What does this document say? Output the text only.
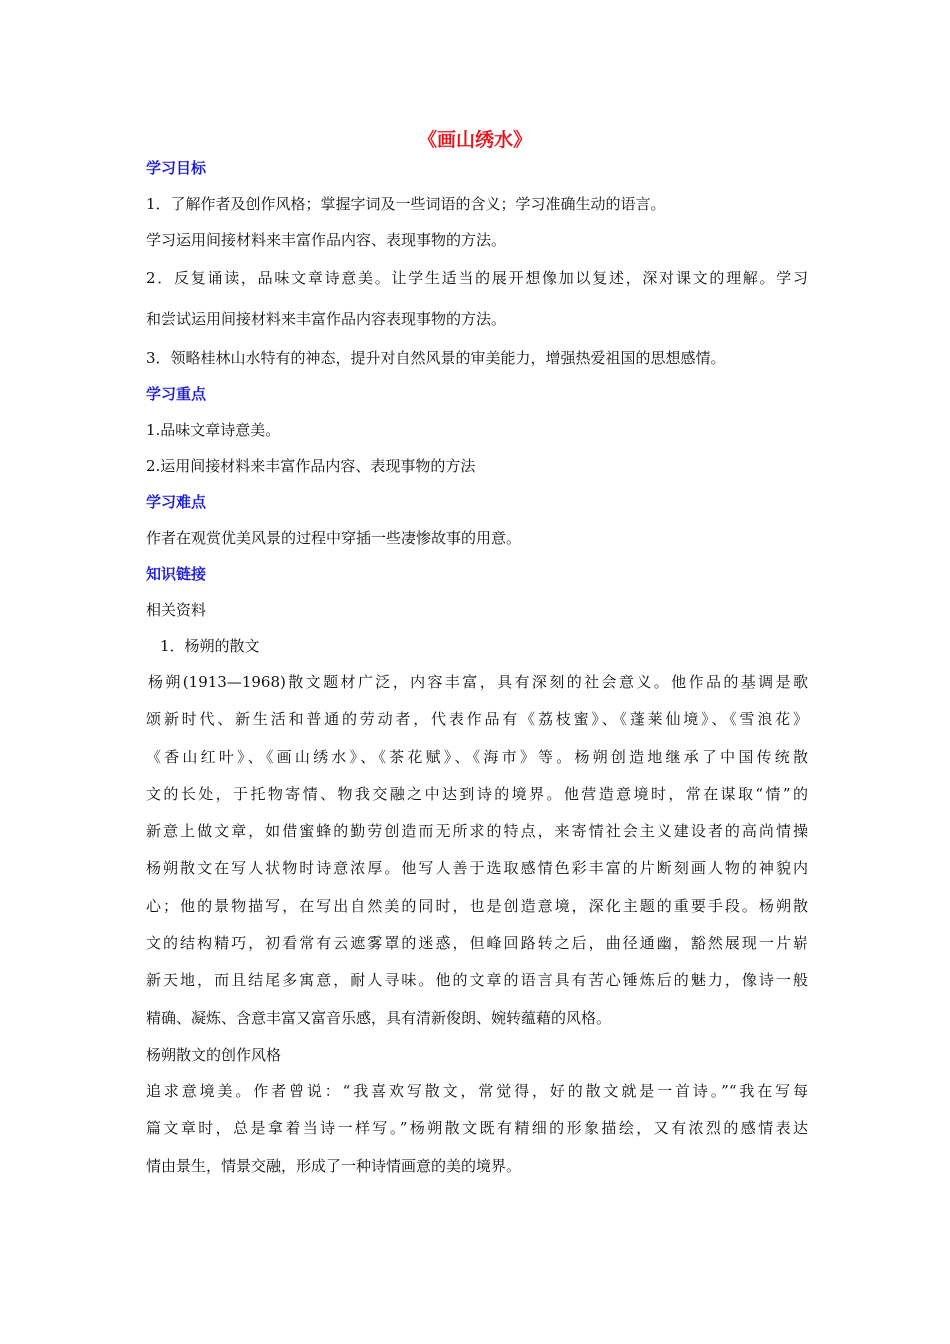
《画山绣水》
学习目标
1．了解作者及创作风格；掌握字词及一些词语的含义；学习准确生动的语言。
学习运用间接材料来丰富作品内容、表现事物的方法。
2．反复诵读，品味文章诗意美。让学生适当的展开想像加以复述，深对课文的理解。学习
和尝试运用间接材料来丰富作品内容表现事物的方法。
3．领略桂林山水特有的神态，提升对自然风景的审美能力，增强热爱祖国的思想感情。
学习重点
1.品味文章诗意美。
2.运用间接材料来丰富作品内容、表现事物的方法
学习难点
作者在观赏优美风景的过程中穿插一些凄惨故事的用意。
知识链接
相关资料
1．杨朔的散文
杨朔(1913—1968)散文题材广泛，内容丰富，具有深刻的社会意义。他作品的基调是歌
颂新时代、新生活和普通的劳动者，代表作品有《荔枝蜜》、《蓬莱仙境》、《雪浪花》
《香山红叶》、《画山绣水》、《茶花赋》、《海市》等。杨朔创造地继承了中国传统散
文的长处，于托物寄情、物我交融之中达到诗的境界。他营造意境时，常在谋取“情”的
新意上做文章，如借蜜蜂的勤劳创造而无所求的特点，来寄情社会主义建设者的高尚情操
杨朔散文在写人状物时诗意浓厚。他写人善于选取感情色彩丰富的片断刻画人物的神貌内
心；他的景物描写，在写出自然美的同时，也是创造意境，深化主题的重要手段。杨朔散
文的结构精巧，初看常有云遮雾罩的迷惑，但峰回路转之后，曲径通幽，豁然展现一片崭
新天地，而且结尾多寓意，耐人寻味。他的文章的语言具有苦心锤炼后的魅力，像诗一般
精确、凝炼、含意丰富又富音乐感，具有清新俊朗、婉转蕴藉的风格。
杨朔散文的创作风格
追求意境美。作者曾说：“我喜欢写散文，常觉得，好的散文就是一首诗。”“我在写每
篇文章时，总是拿着当诗一样写。”杨朔散文既有精细的形象描绘，又有浓烈的感情表达
情由景生，情景交融，形成了一种诗情画意的美的境界。
